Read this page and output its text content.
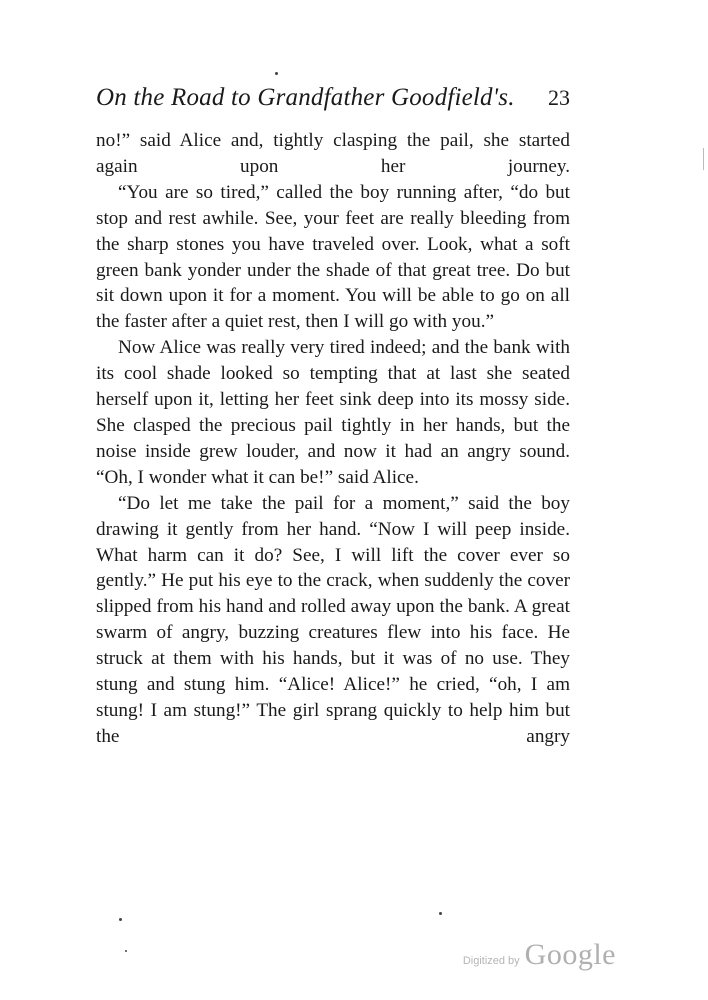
On the Road to Grandfather Goodfield's. 23

no!” said Alice and, tightly clasping the pail, she started again upon her journey.

“You are so tired,” called the boy running after, “do but stop and rest awhile. See, your feet are really bleeding from the sharp stones you have traveled over. Look, what a soft green bank yonder under the shade of that great tree. Do but sit down upon it for a moment. You will be able to go on all the faster after a quiet rest, then I will go with you.”

Now Alice was really very tired indeed; and the bank with its cool shade looked so tempting that at last she seated herself upon it, letting her feet sink deep into its mossy side. She clasped the precious pail tightly in her hands, but the noise inside grew louder, and now it had an angry sound. “Oh, I wonder what it can be!” said Alice.

“Do let me take the pail for a moment,” said the boy drawing it gently from her hand. “Now I will peep inside. What harm can it do? See, I will lift the cover ever so gently.” He put his eye to the crack, when suddenly the cover slipped from his hand and rolled away upon the bank. A great swarm of angry, buzzing creatures flew into his face. He struck at them with his hands, but it was of no use. They stung and stung him. “Alice! Alice!” he cried, “oh, I am stung! I am stung!” The girl sprang quickly to help him but the angry

Digitized by Google
